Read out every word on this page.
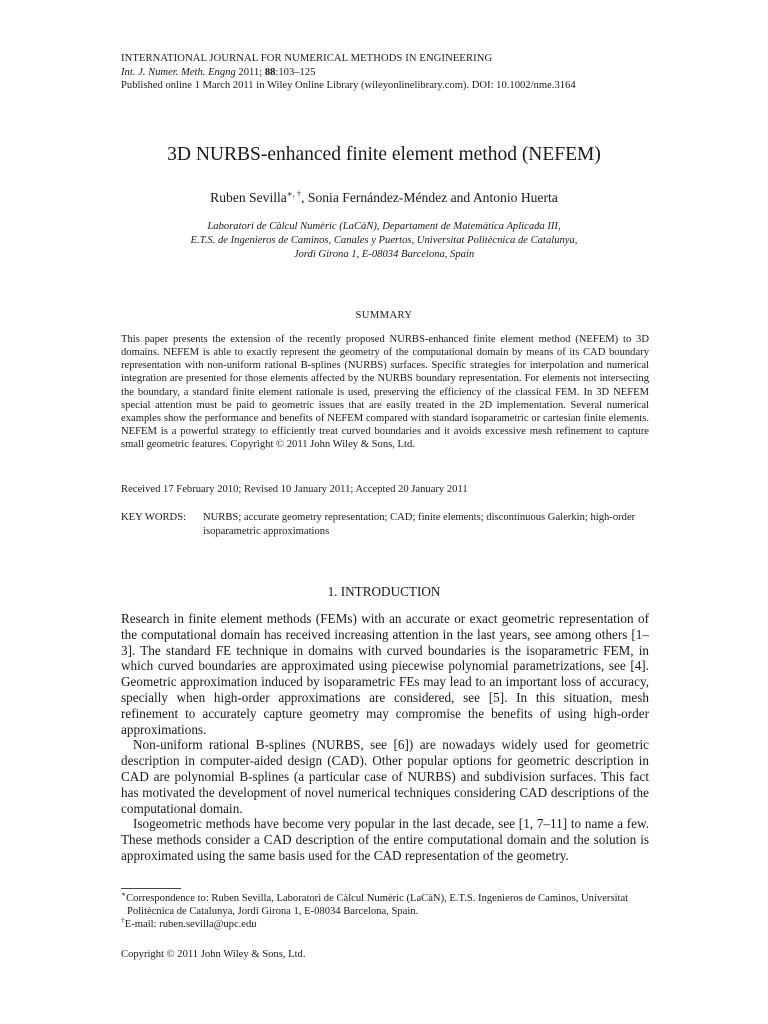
INTERNATIONAL JOURNAL FOR NUMERICAL METHODS IN ENGINEERING
Int. J. Numer. Meth. Engng 2011; 88:103–125
Published online 1 March 2011 in Wiley Online Library (wileyonlinelibrary.com). DOI: 10.1002/nme.3164
3D NURBS-enhanced finite element method (NEFEM)
Ruben Sevilla∗, †, Sonia Fernández-Méndez and Antonio Huerta
Laboratori de Càlcul Numèric (LaCàN), Departament de Matemàtica Aplicada III,
E.T.S. de Ingenieros de Caminos, Canales y Puertos, Universitat Politècnica de Catalunya,
Jordi Girona 1, E-08034 Barcelona, Spain
SUMMARY
This paper presents the extension of the recently proposed NURBS-enhanced finite element method (NEFEM) to 3D domains. NEFEM is able to exactly represent the geometry of the computational domain by means of its CAD boundary representation with non-uniform rational B-splines (NURBS) surfaces. Specific strategies for interpolation and numerical integration are presented for those elements affected by the NURBS boundary representation. For elements not intersecting the boundary, a standard finite element rationale is used, preserving the efficiency of the classical FEM. In 3D NEFEM special attention must be paid to geometric issues that are easily treated in the 2D implementation. Several numerical examples show the performance and benefits of NEFEM compared with standard isoparametric or cartesian finite elements. NEFEM is a powerful strategy to efficiently treat curved boundaries and it avoids excessive mesh refinement to capture small geometric features. Copyright © 2011 John Wiley & Sons, Ltd.
Received 17 February 2010; Revised 10 January 2011; Accepted 20 January 2011
KEY WORDS:	NURBS; accurate geometry representation; CAD; finite elements; discontinuous Galerkin; high-order isoparametric approximations
1. INTRODUCTION

Research in finite element methods (FEMs) with an accurate or exact geometric representation of the computational domain has received increasing attention in the last years, see among others [1–3]. The standard FE technique in domains with curved boundaries is the isoparametric FEM, in which curved boundaries are approximated using piecewise polynomial parametrizations, see [4]. Geometric approximation induced by isoparametric FEs may lead to an important loss of accuracy, specially when high-order approximations are considered, see [5]. In this situation, mesh refinement to accurately capture geometry may compromise the benefits of using high-order approximations.

Non-uniform rational B-splines (NURBS, see [6]) are nowadays widely used for geometric description in computer-aided design (CAD). Other popular options for geometric description in CAD are polynomial B-splines (a particular case of NURBS) and subdivision surfaces. This fact has motivated the development of novel numerical techniques considering CAD descriptions of the computational domain.

Isogeometric methods have become very popular in the last decade, see [1, 7–11] to name a few. These methods consider a CAD description of the entire computational domain and the solution is approximated using the same basis used for the CAD representation of the geometry.

∗Correspondence to: Ruben Sevilla, Laboratori de Càlcul Numèric (LaCàN), E.T.S. Ingenieros de Caminos, Universitat

Politècnica de Catalunya, Jordi Girona 1, E-08034 Barcelona, Spain.

†E-mail: ruben.sevilla@upc.edu

Copyright © 2011 John Wiley & Sons, Ltd.
